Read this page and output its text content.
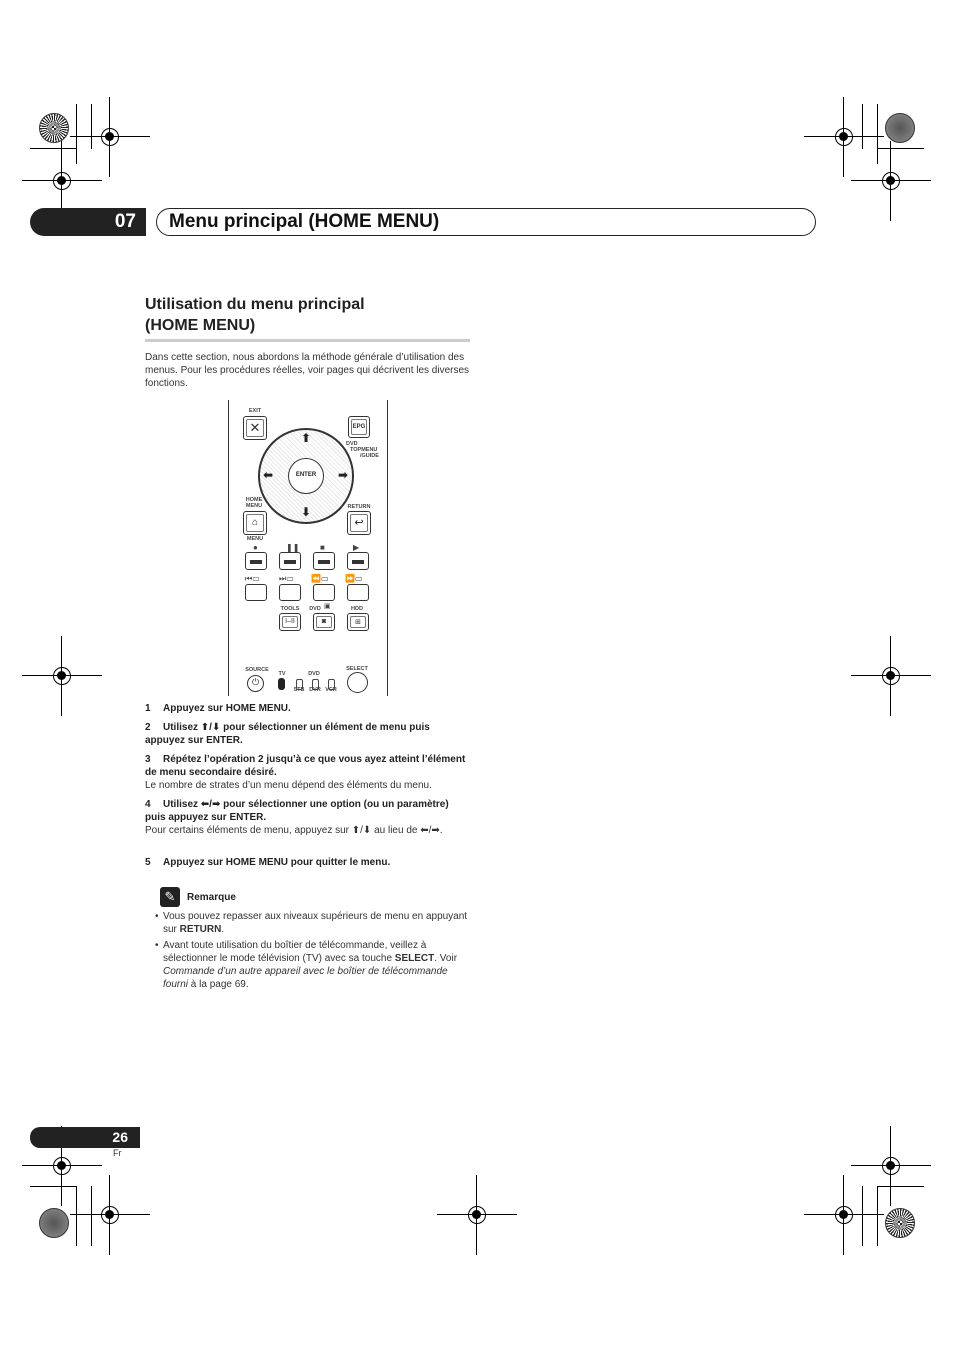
07	Menu principal (HOME MENU)
Utilisation du menu principal
(HOME MENU)
Dans cette section, nous abordons la méthode générale d’utilisation des menus. Pour les procédures réelles, voir pages qui décrivent les diverses fonctions.
EXIT
✕	EPG
DVD
TOPMENU
/GUIDE
⬆
⬇
⬅	➡
ENTER
HOME
MENU
⌂
MENU
RETURN
↩
●	❚❚	■	▶
⏮▭ ⏭▭ ⏪▭ ⏩▭
TOOLS	DVD ▣	HDD
I–II	◙	⊞
SOURCE
⏻
TV	DVD
STB DVR VCR
SELECT
1 Appuyez sur HOME MENU.
2 Utilisez ⬆/⬇ pour sélectionner un élément de menu puis appuyez sur ENTER.
3 Répétez l’opération 2 jusqu’à ce que vous ayez atteint l’élément de menu secondaire désiré.
Le nombre de strates d’un menu dépend des éléments du menu.
4 Utilisez ⬅/➡ pour sélectionner une option (ou un paramètre) puis appuyez sur ENTER.
Pour certains éléments de menu, appuyez sur ⬆/⬇ au lieu de ⬅/➡.
5 Appuyez sur HOME MENU pour quitter le menu.
✎	Remarque
• Vous pouvez repasser aux niveaux supérieurs de menu en appuyant sur RETURN.
• Avant toute utilisation du boîtier de télécommande, veillez à sélectionner le mode télévision (TV) avec sa touche SELECT. Voir Commande d’un autre appareil avec le boîtier de télécommande fourni à la page 69.
26
Fr
